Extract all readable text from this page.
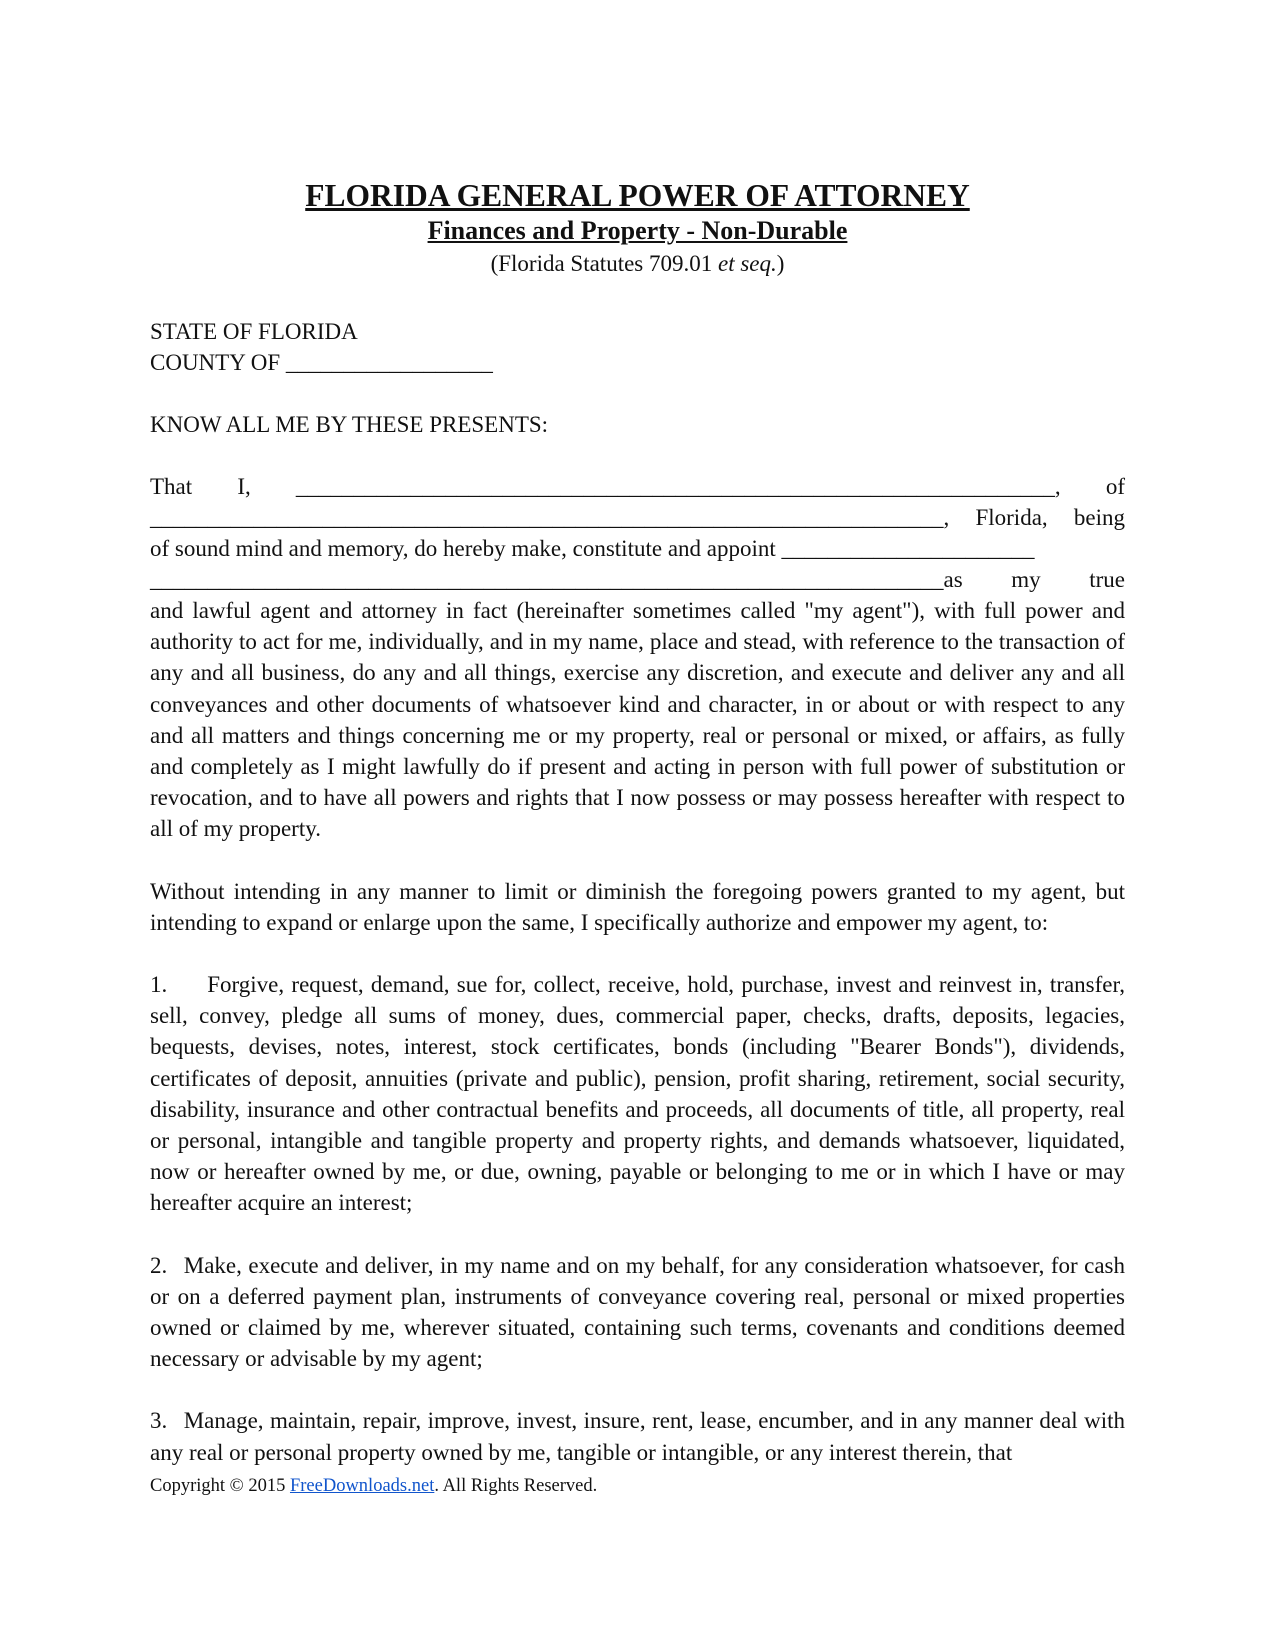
FLORIDA GENERAL POWER OF ATTORNEY
Finances and Property - Non-Durable
(Florida Statutes 709.01 et seq.)
STATE OF FLORIDA
COUNTY OF __________________
KNOW ALL ME BY THESE PRESENTS:
That I, __________________________________________________________________, of
_____________________________________________________________________, Florida, being
of sound mind and memory, do hereby make, constitute and appoint ______________________
_____________________________________________________________________as my true

and lawful agent and attorney in fact (hereinafter sometimes called "my agent"), with full power and authority to act for me, individually, and in my name, place and stead, with reference to the transaction of any and all business, do any and all things, exercise any discretion, and execute and deliver any and all conveyances and other documents of whatsoever kind and character, in or about or with respect to any and all matters and things concerning me or my property, real or personal or mixed, or affairs, as fully and completely as I might lawfully do if present and acting in person with full power of substitution or revocation, and to have all powers and rights that I now possess or may possess hereafter with respect to all of my property.

Without intending in any manner to limit or diminish the foregoing powers granted to my agent, but intending to expand or enlarge upon the same, I specifically authorize and empower my agent, to:

1. Forgive, request, demand, sue for, collect, receive, hold, purchase, invest and reinvest in, transfer, sell, convey, pledge all sums of money, dues, commercial paper, checks, drafts, deposits, legacies, bequests, devises, notes, interest, stock certificates, bonds (including "Bearer Bonds"), dividends, certificates of deposit, annuities (private and public), pension, profit sharing, retirement, social security, disability, insurance and other contractual benefits and proceeds, all documents of title, all property, real or personal, intangible and tangible property and property rights, and demands whatsoever, liquidated, now or hereafter owned by me, or due, owning, payable or belonging to me or in which I have or may hereafter acquire an interest;

2. Make, execute and deliver, in my name and on my behalf, for any consideration whatsoever, for cash or on a deferred payment plan, instruments of conveyance covering real, personal or mixed properties owned or claimed by me, wherever situated, containing such terms, covenants and conditions deemed necessary or advisable by my agent;

3. Manage, maintain, repair, improve, invest, insure, rent, lease, encumber, and in any manner deal with any real or personal property owned by me, tangible or intangible, or any interest therein, that

Copyright © 2015 FreeDownloads.net. All Rights Reserved.
